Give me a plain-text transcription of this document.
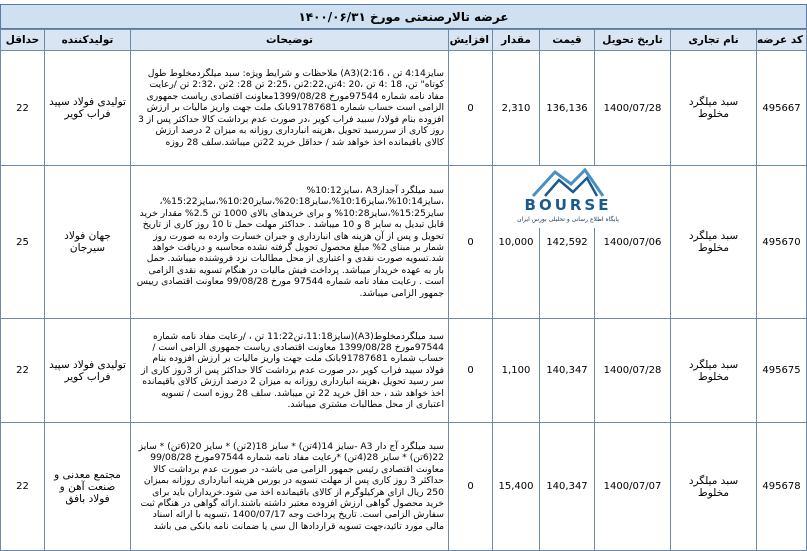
عرضه تالارصنعتی مورخ ۱۴۰۰/۰۶/۳۱
کد عرضه	نام تجاری	تاریخ تحویل	قیمت	مقدار	افزایش	توضیحات	تولیدکننده	حداقل
495667	سبد میلگرد مخلوط	1400/07/28	136,136	2,310	0	سایز4:14 تن ، 2:16)(A3) ملاحظات و شرایط ویژه: سبد میلگردمخلوط طول کوتاه" تن، 18 :4 تن ،20 :4تن،2:22تن ،2:25 تن 28: 2تن ،2:32 تن /رعایت مفاد نامه شماره 97544مورخ 1399/08/28معاونت اقتصادی ریاست جمهوری الزامی است حساب شماره 91787681بانک ملت جهت واریز مالیات بر ارزش افزوده بنام فولاد/ سبید فراب کویر ،در صورت عدم برداشت کالا حداکثر پس از 3 روز کاری از سررسید تحویل ،هزینه انبارداری روزانه به میزان 2 درصد ارزش کالای باقیمانده اخذ خواهد شد / حداقل خرید 22تن میباشد.سلف 28 روزه	تولیدی فولاد سپید فراب کویر	22
495670	سبد میلگرد مخلوط	1400/07/06	142,592	10,000	0	سبد میلگرد آجدارA3 ،سایز10:12% ،سایز10:14%،سایز10:16%،سایز20:18%،سایز10:20%،سایز15:22%، سایز15:25%،سایز10:28% و برای خریدهای بالای 1000 تن 2.5% مقدار خرید قابل تبدیل به سایز 8 و 10 میباشد . حداکثر مهلت حمل تا 10 روز کاری از تاریخ تحویل و پس از آن هزینه های انبارداری و جبران خسارت وارده به صورت روز شمار بر مبنای 2% مبلغ محصول تحویل گرفته نشده محاسبه و دریافت خواهد شد.تسویه صورت نقدی و اعتباری از محل مطالبات نزد فروشنده میباشد. حمل بار به عهده خریدار میباشد. پرداخت فیش مالیات در هنگام تسویه نقدی الزامی است . رعایت مفاد نامه شماره 97544 مورخ 99/08/28 معاونت اقتصادی رییس جمهور الزامی میباشد.	جهان فولاد سیرجان	25
495675	سبد میلگرد مخلوط	1400/07/28	140,347	1,100	0	سبد میلگردمخلوط(A3)(سایز11:18،تن11:22 تن ، /رعایت مفاد نامه شماره 97544مورخ 1399/08/28 معاونت اقتصادی ریاست جمهوری الزامی است /حساب شماره 91787681بانک ملت جهت واریز مالیات بر ارزش افزوده بنام فولاد سپید فراب کویر ،در صورت عدم برداشت کالا حداکثر پس از 3روز کاری از سر رسید تحویل ،هزینه انبارداری روزانه به میزان 2 درصد ارزش کالای باقیمانده اخذ خواهد شد ، حد اقل خرید 22 تن میباشد. سلف 28 روزه است / تسویه اعتباری از محل مطالبات مشتری میباشد.	تولیدی فولاد سپید فراب کویر	22
495678	سبد میلگرد مخلوط	1400/07/07	140,347	15,400	0	سبد میلگرد آج دار A3 -سایز 14(4تن) * سایز 18(2تن) * سایز 20(6تن) * سایز 22(6تن) * سایز 28(4تن) *رعایت مفاد نامه شماره 97544مورخ 99/08/28 معاونت اقتصادی رئیس جمهور الزامی می باشد- در صورت عدم برداشت کالا حداکثر 3 روز کاری پس از مهلت تسویه در بورس هزینه انبارداری روزانه بمیزان 250 ریال ازای هرکیلوگرم از کالای باقیمانده اخذ می شود.خریداران باید برای خرید محصول گواهی ارزش افزوده معتبر داشته باشند.ارائه گواهی در هنگام ثبت سفارش الزامی است. تاریخ پرداخت وجه 1400/07/17 ،تسویه با ارائه اسناد مالی مورد تائید،جهت تسویه قراردادها ال سی یا ضمانت نامه بانکی می باشد	مجتمع معدنی و صنعت آهن و فولاد بافق	22
BOURSE
پایگاه اطلاع رسانی و تحلیلی بورس ایران
